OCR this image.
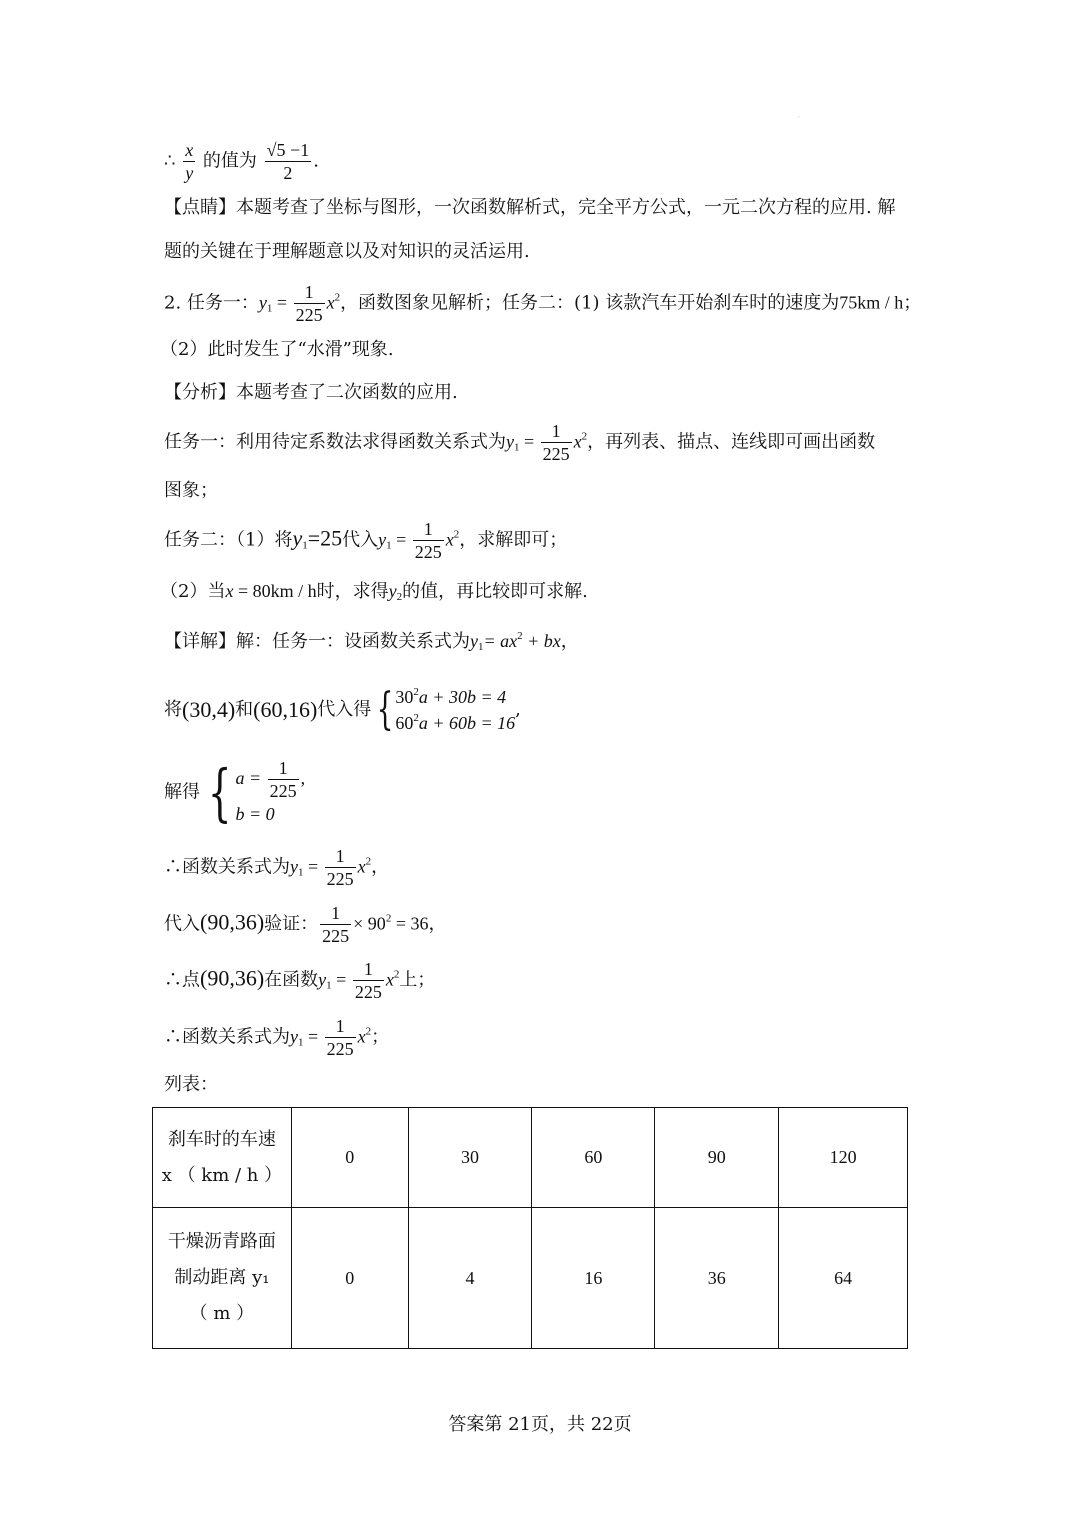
·
∴ $\frac{x}{y}$ 的值为 $\frac{√5 -1}{2}$ .
【点睛】本题考查了坐标与图形，一次函数解析式，完全平方公式，一元二次方程的应用. 解
题的关键在于理解题意以及对知识的灵活运用.
2. 任务一：$y_1 = \frac{1}{225} x^2$，函数图象见解析；任务二：(1) 该款汽车开始刹车时的速度为75km / h；
（2）此时发生了“水滑”现象.
【分析】本题考查了二次函数的应用.
任务一：利用待定系数法求得函数关系式为$y_1 = \frac{1}{225} x^2$，再列表、描点、连线即可画出函数
图象；
任务二：（1）将$y_1=25$代入$y_1 = \frac{1}{225} x^2$，求解即可；
（2）当x = 80km / h时，求得$y_2$的值，再比较即可求解.
【详解】解：任务一：设函数关系式为$y_1= ax^2$ + bx，
将(30,4)和(60,16)代入得 { $30^2a + 30b = 4$
$60^2a + 60b = 16$
,
解得 { $a = \frac{1}{225}$ ,
b = 0
∴函数关系式为$y_1 = \frac{1}{225} x^2$，
代入(90,36)验证： $\frac{1}{225} \times 90^2 = 36$，
∴点(90,36)在函数$y_1 = \frac{1}{225} x^2$上；
∴函数关系式为$y_1 = \frac{1}{225} x^2$；
列表：
刹车时的车速
x （ km / h ）	0	30	60	90	120

干燥沥青路面
制动距离 y₁
（ m ）	0	4	16	36	64
答案第 21页，共 22页
